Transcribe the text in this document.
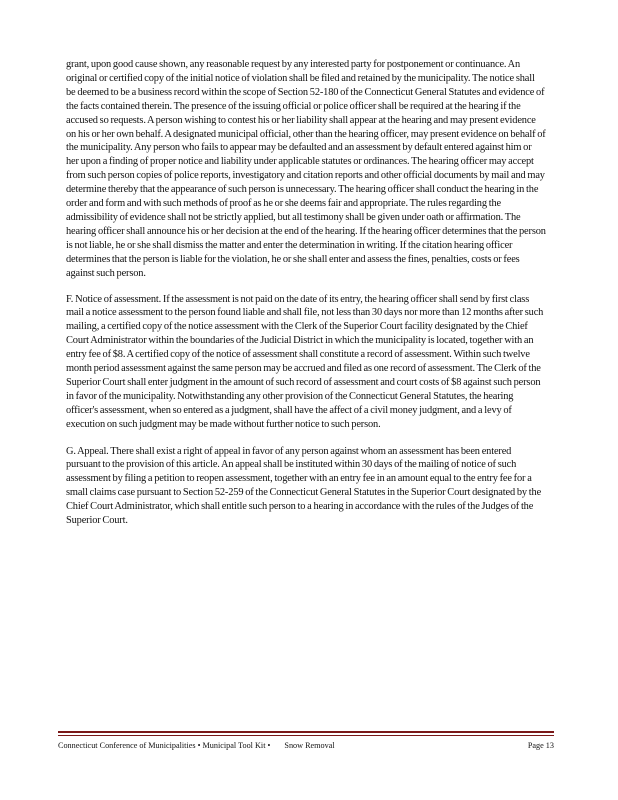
grant, upon good cause shown, any reasonable request by any interested party for postponement or continuance. An original or certified copy of the initial notice of violation shall be filed and retained by the municipality. The notice shall be deemed to be a business record within the scope of Section 52-180 of the Connecticut General Statutes and evidence of the facts contained therein. The presence of the issuing official or police officer shall be required at the hearing if the accused so requests. A person wishing to contest his or her liability shall appear at the hearing and may present evidence on his or her own behalf. A designated municipal official, other than the hearing officer, may present evidence on behalf of the municipality. Any person who fails to appear may be defaulted and an assessment by default entered against him or her upon a finding of proper notice and liability under applicable statutes or ordinances. The hearing officer may accept from such person copies of police reports, investigatory and citation reports and other official documents by mail and may determine thereby that the appearance of such person is unnecessary. The hearing officer shall conduct the hearing in the order and form and with such methods of proof as he or she deems fair and appropriate. The rules regarding the admissibility of evidence shall not be strictly applied, but all testimony shall be given under oath or affirmation. The hearing officer shall announce his or her decision at the end of the hearing. If the hearing officer determines that the person is not liable, he or she shall dismiss the matter and enter the determination in writing. If the citation hearing officer determines that the person is liable for the violation, he or she shall enter and assess the fines, penalties, costs or fees against such person.

F. Notice of assessment. If the assessment is not paid on the date of its entry, the hearing officer shall send by first class mail a notice assessment to the person found liable and shall file, not less than 30 days nor more than 12 months after such mailing, a certified copy of the notice assessment with the Clerk of the Superior Court facility designated by the Chief Court Administrator within the boundaries of the Judicial District in which the municipality is located, together with an entry fee of $8. A certified copy of the notice of assessment shall constitute a record of assessment. Within such twelve month period assessment against the same person may be accrued and filed as one record of assessment. The Clerk of the Superior Court shall enter judgment in the amount of such record of assessment and court costs of $8 against such person in favor of the municipality. Notwithstanding any other provision of the Connecticut General Statutes, the hearing officer's assessment, when so entered as a judgment, shall have the affect of a civil money judgment, and a levy of execution on such judgment may be made without further notice to such person.

G. Appeal. There shall exist a right of appeal in favor of any person against whom an assessment has been entered pursuant to the provision of this article. An appeal shall be instituted within 30 days of the mailing of notice of such assessment by filing a petition to reopen assessment, together with an entry fee in an amount equal to the entry fee for a small claims case pursuant to Section 52-259 of the Connecticut General Statutes in the Superior Court designated by the Chief Court Administrator, which shall entitle such person to a hearing in accordance with the rules of the Judges of the Superior Court.

Connecticut Conference of Municipalities • Municipal Tool Kit • Snow Removal	Page 13
